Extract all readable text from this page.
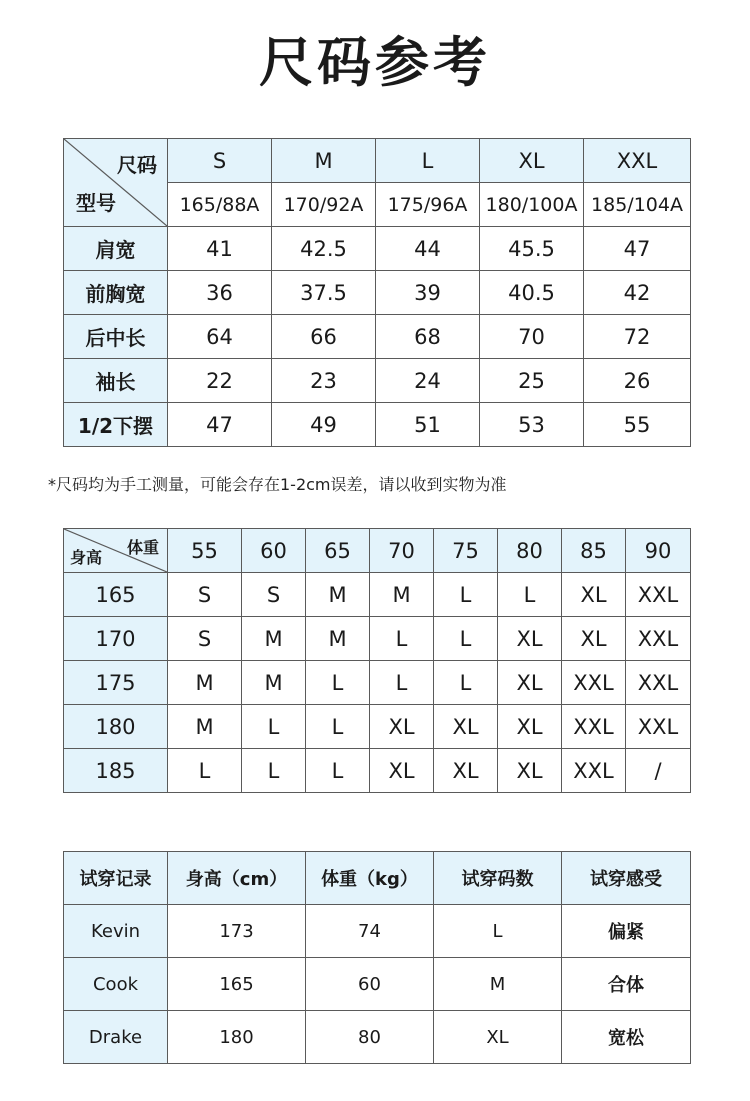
尺码参考
尺码
型号	S	M	L	XL	XXL
	165/88A	170/92A	175/96A	180/100A	185/104A
肩宽	41	42.5	44	45.5	47
前胸宽	36	37.5	39	40.5	42
后中长	64	66	68	70	72
袖长	22	23	24	25	26
1/2下摆	47	49	51	53	55
*尺码均为手工测量，可能会存在1-2cm误差，请以收到实物为准
体重
身高	55	60	65	70	75	80	85	90
165	S	S	M	M	L	L	XL	XXL
170	S	M	M	L	L	XL	XL	XXL
175	M	M	L	L	L	XL	XXL	XXL
180	M	L	L	XL	XL	XL	XXL	XXL
185	L	L	L	XL	XL	XL	XXL	/
试穿记录	身高（cm）	体重（kg）	试穿码数	试穿感受
Kevin	173	74	L	偏紧
Cook	165	60	M	合体
Drake	180	80	XL	宽松
